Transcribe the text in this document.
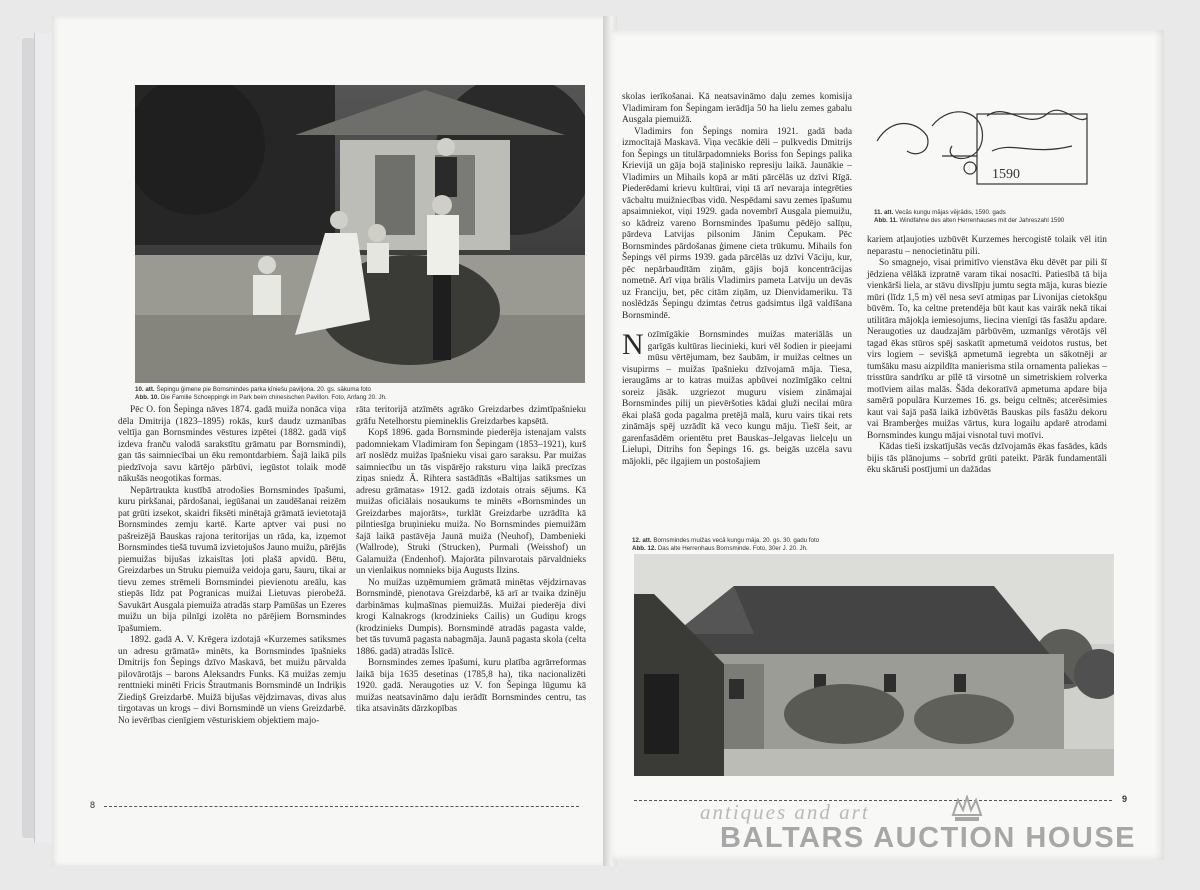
10. att. Šepingu ģimene pie Bornsmindes parka ķīniešu paviljona. 20. gs. sākuma foto
Abb. 10. Die Familie Schoeppingk im Park beim chinesischen Pavillon. Foto, Anfang 20. Jh.

Pēc O. fon Šepinga nāves 1874. gadā muiža nonāca viņa dēla Dmitrija (1823–1895) rokās, kurš daudz uzmanības veltīja gan Bornsmindes vēstures izpētei (1882. gadā viņš izdeva franču valodā sarakstītu grāmatu par Bornsmindi), gan tās saimniecībai un ēku remontdarbiem. Šajā laikā pils piedzīvoja savu kārtējo pārbūvi, iegūstot tolaik modē nākušās neogotikas formas.

Nepārtraukta kustībā atrodošies Bornsmindes īpašumi, kuru pirkšanai, pārdošanai, iegūšanai un zaudēšanai reizēm pat grūti izsekot, skaidri fiksēti minētajā grāmatā ievietotajā Bornsmindes zemju kartē. Karte aptver vai pusi no pašreizējā Bauskas rajona teritorijas un rāda, ka, izņemot Bornsmindes tiešā tuvumā izvietojušos Jauno muižu, pārējās piemuižas bijušas izkaisītas ļoti plašā apvidū. Bētu, Greizdarbes un Struku piemuiža veidoja garu, šauru, tikai ar tievu zemes strēmeli Bornsmindei pievienotu areālu, kas stiepās līdz pat Pogranicas muižai Lietuvas pierobežā. Savukārt Ausgala piemuiža atradās starp Pamūšas un Ezeres muižu un bija pilnīgi izolēta no pārējiem Bornsmindes īpašumiem.

1892. gadā A. V. Krēgera izdotajā «Kurzemes satiksmes un adresu grāmatā» minēts, ka Bornsmindes īpašnieks Dmitrijs fon Šepings dzīvo Maskavā, bet muižu pārvalda pilovārotājs – barons Aleksandrs Funks. Kā muižas zemju renttnieki minēti Fricis Štrautmanis Bornsmindē un Indriķis Ziediņš Greizdarbē. Muižā bijušas vējdzirnavas, divas alus tirgotavas un krogs – divi Bornsmindē un viens Greizdarbē. No ievērības cienīgiem vēsturiskiem objektiem majo-

rāta teritorijā atzīmēts agrāko Greizdarbes dzimtīpašnieku grāfu Netelhorstu piemineklis Greizdarbes kapsētā.

Kopš 1896. gada Bornsminde piederēja istenajam valsts padomniekam Vladimiram fon Šepingam (1853–1921), kurš arī noslēdz muižas īpašnieku visai garo saraksu. Par muižas saimniecību un tās vispārējo raksturu viņa laikā precīzas ziņas sniedz Ā. Rihtera sastādītās «Baltijas satiksmes un adresu grāmatas» 1912. gadā izdotais otrais sējums. Kā muižas oficiālais nosaukums te minēts «Bornsmindes un Greizdarbes majorāts», turklāt Greizdarbe uzrādīta kā pilntiesīga bruņinieku muiža. No Bornsmindes piemuižām šajā laikā pastāvēja Jaunā muiža (Neuhof), Dambenieki (Wallrode), Struki (Strucken), Purmali (Weisshof) un Galamuiža (Endenhof). Majorāta pilnvarotais pārvaldnieks un vienlaikus nomnieks bija Augusts Ilzins.

No muižas uzņēmumiem grāmatā minētas vējdzirnavas Bornsmindē, pienotava Greizdarbē, kā arī ar tvaika dzinēju darbināmas kuļmašīnas piemuižās. Muižai piederēja divi krogi Kalnakrogs (krodzinieks Cailis) un Gudiņu krogs (krodzinieks Dumpis). Bornsmindē atradās pagasta valde, bet tās tuvumā pagasta nabagmāja. Jaunā pagasta skola (celta 1886. gadā) atradās Īslīcē.

Bornsmindes zemes īpašumi, kuru platība agrārreformas laikā bija 1635 desetinas (1785,8 ha), tika nacionalizēti 1920. gadā. Neraugoties uz V. fon Šepinga lūgumu kā muižas neatsavināmo daļu ierādīt Bornsmindes centru, tas tika atsavināts dārzkopības

8

skolas ierīkošanai. Kā neatsavināmo daļu zemes komisija Vladimiram fon Šepingam ierādīja 50 ha lielu zemes gabalu Ausgala piemuižā.

Vladimirs fon Šepings nomira 1921. gadā bada izmocītajā Maskavā. Viņa vecākie dēli – pulkvedis Dmitrijs fon Šepings un titulārpadomnieks Boriss fon Šepings palika Krievijā un gāja bojā staļinisko represiju laikā. Jaunākie – Vladimirs un Mihails kopā ar māti pārcēlās uz dzīvi Rīgā. Piederēdami krievu kultūrai, viņi tā arī nevaraja integrēties vācbaltu muižniecības vidū. Nespēdami savu zemes īpašumu apsaimniekot, viņi 1929. gada novembrī Ausgala piemuižu, so kādreiz vareno Bornsmindes īpašumu pēdējo salīņu, pārdeva Latvijas pilsonim Jānim Čepukam. Pēc Bornsmindes pārdošanas ģimene cieta trūkumu. Mihails fon Šepings vēl pirms 1939. gada pārcēlās uz dzīvi Vāciju, kur, pēc nepārbaudītām ziņām, gājis bojā koncentrācijas nometnē. Arī viņa brālis Vladimirs pameta Latviju un devās uz Franciju, bet, pēc citām ziņām, uz Dienvidameriku. Tā noslēdzās Šepingu dzimtas četrus gadsimtus ilgā valdīšana Bornsmindē.

Nozīmīgākie Bornsmindes muižas materiālās un garīgās kultūras liecinieki, kuri vēl šodien ir pieejami mūsu vērtējumam, bez šaubām, ir muižas celtnes un visupirms – muižas īpašnieku dzīvojamā māja. Tiesa, ieraugāms ar to katras muižas apbūvei nozīmīgāko celtni soreiz jāsāk. uzgriezot muguru visiem zināmajai Bornsmindes pilij un pievēršoties kādai gluži necilai mūra ēkai plašā goda pagalma pretējā malā, kuru vairs tikai rets zināmājs spēj uzrādīt kā veco kungu māju. Tiešī šeit, ar garenfasādēm orientētu pret Bauskas–Jelgavas lielceļu un Lielupi, Ditrihs fon Šepings 16. gs. beigās uzcēla savu mājokli, pēc ilgajiem un postošajiem

1590
11. att. Vecās kungu mājas vējrādis, 1590. gads
Abb. 11. Windfahne des alten Herrenhauses mit der Jahreszahl 1590

kariem atļaujoties uzbūvēt Kurzemes hercogistē tolaik vēl itin neparastu – nenocietinātu pili.

So smagnejo, visai primitīvo vienstāva ēku dēvēt par pili šī jēdziena vēlākā izpratnē varam tikai nosacīti. Patiesībā tā bija vienkārši liela, ar stāvu divslīpju jumtu segta māja, kuras biezie mūri (līdz 1,5 m) vēl nesa sevī atmiņas par Livonijas cietokšņu būvēm. To, ka celtne pretendēja būt kaut kas vairāk nekā tikai utilitāra mājokļa iemiesojums, liecina vienīgi tās fasāžu apdare. Neraugoties uz daudzajām pārbūvēm, uzmanīgs vērotājs vēl tagad ēkas stūros spēj saskatīt apmetumā veidotos rustus, bet virs logiem – sevišķā apmetumā iegrebta un sākotnēji ar tumšāku masu aizpildīta manierisma stila ornamenta paliekas – trisstūra sandrīku ar pīlē tā virsotnē un simetriskiem rolverka motīviem ailas malās. Šāda dekoratīvā apmetuma apdare bija samērā populāra Kurzemes 16. gs. beigu celtnēs; atcerēsimies kaut vai šajā pašā laikā izbūvētās Bauskas pils fasāžu dekoru vai Bramberģes muižas vārtus, kura logailu apdarē atrodami Bornsmindes kungu mājai visnotal tuvi motīvi.

Kādas tieši izskatījušās vecās dzīvojamās ēkas fasādes, kāds bijis tās plānojums – sobrīd grūti pateikt. Pārāk fundamentāli ēku skāruši postījumi un dažādas

12. att. Bornsmindes muižas vecā kungu māja. 20. gs. 30. gadu foto
Abb. 12. Das alte Herrenhaus Bornsminde. Foto, 30er J. 20. Jh.
9
antiques and art
BALTARS AUCTION HOUSE
